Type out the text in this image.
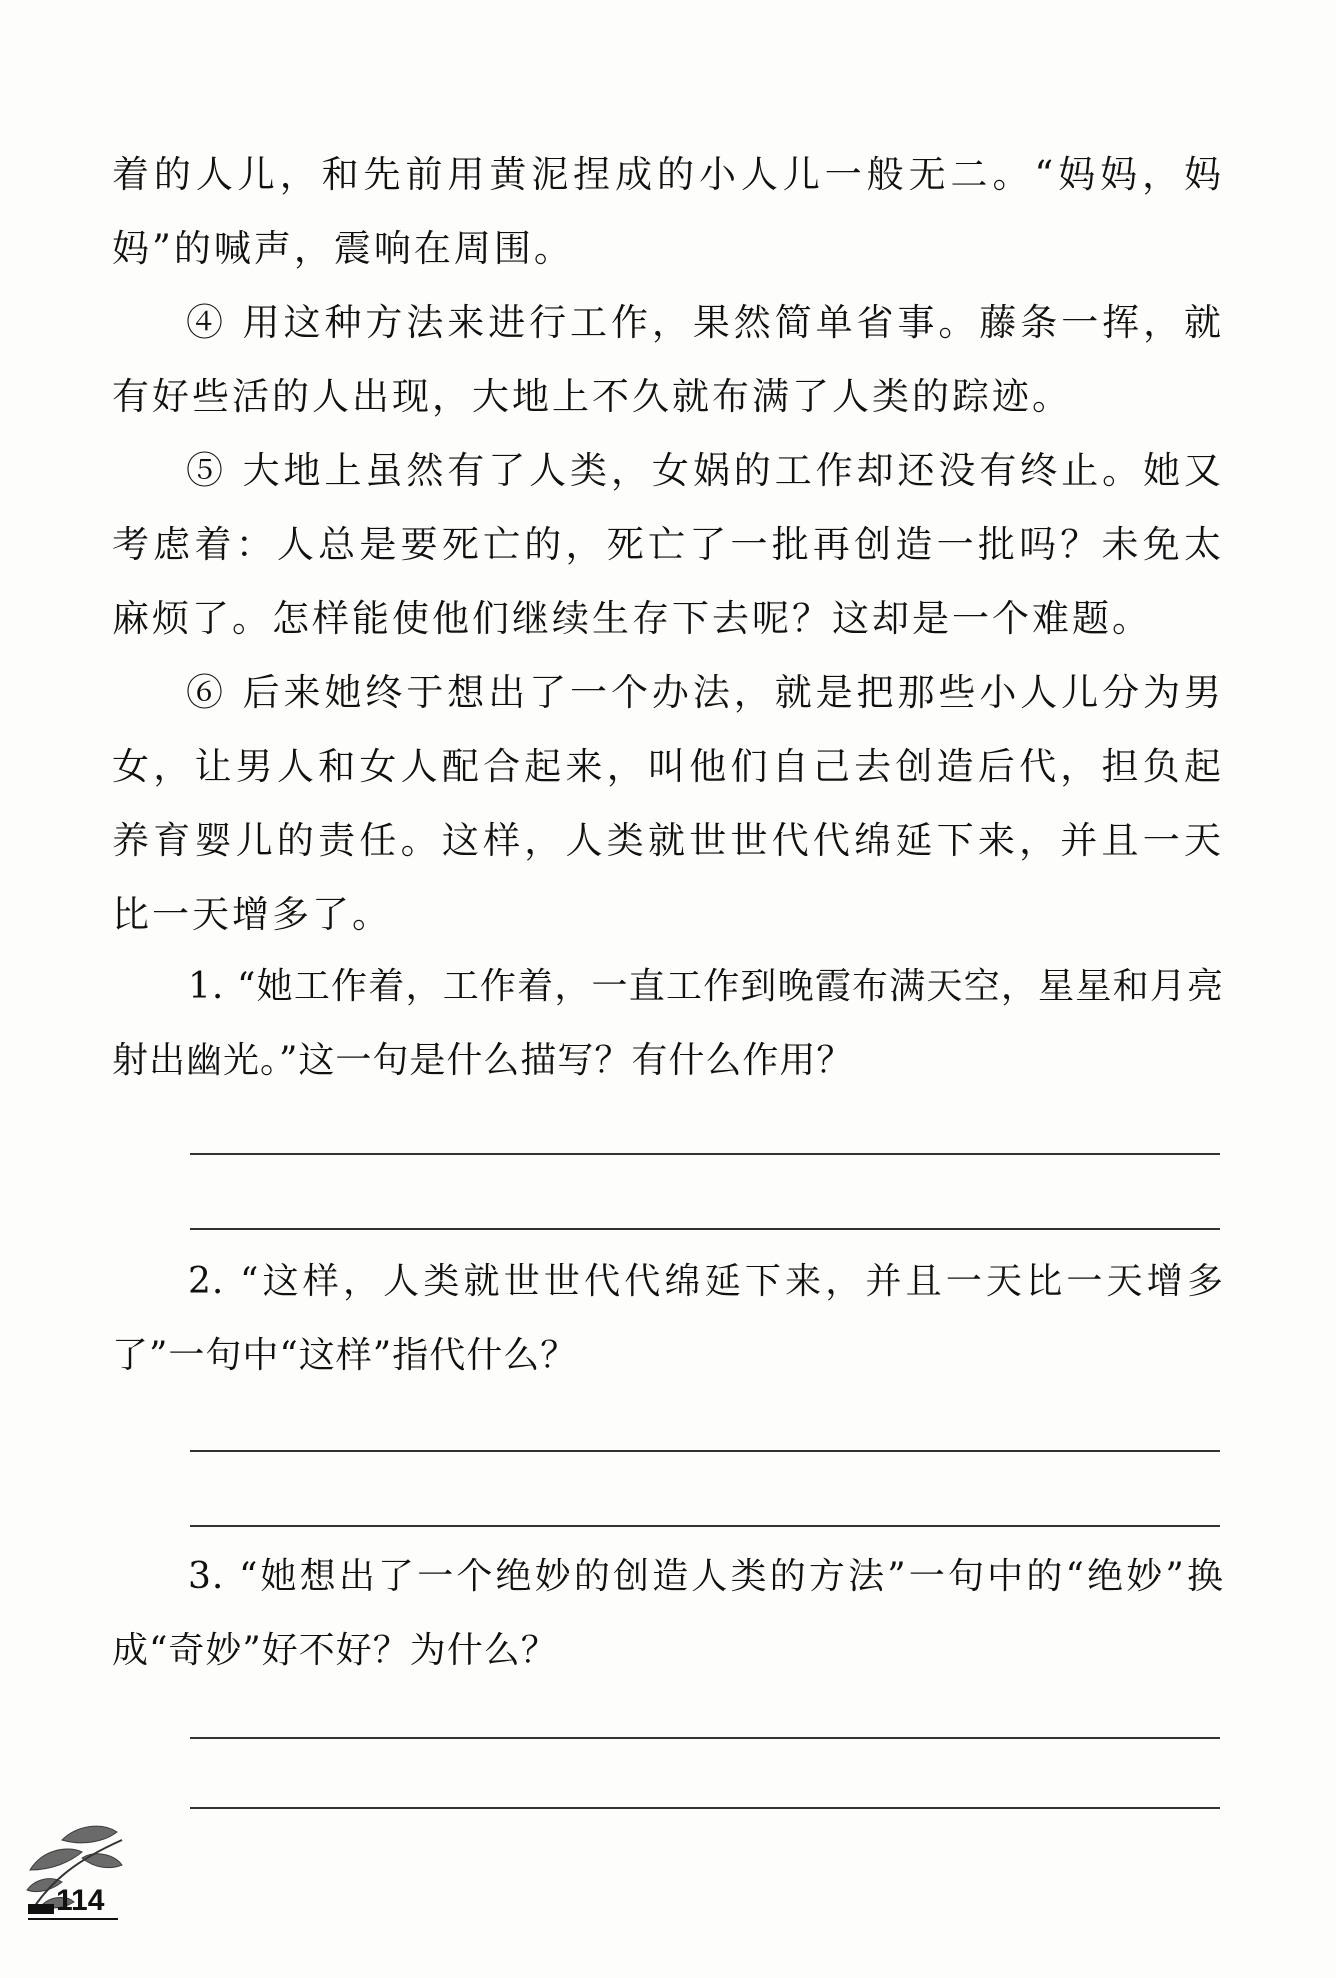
着的人儿，和先前用黄泥捏成的小人儿一般无二。“妈妈，妈妈”的喊声，震响在周围。

④ 用这种方法来进行工作，果然简单省事。藤条一挥，就有好些活的人出现，大地上不久就布满了人类的踪迹。

⑤ 大地上虽然有了人类，女娲的工作却还没有终止。她又考虑着：人总是要死亡的，死亡了一批再创造一批吗？未免太麻烦了。怎样能使他们继续生存下去呢？这却是一个难题。

⑥ 后来她终于想出了一个办法，就是把那些小人儿分为男女，让男人和女人配合起来，叫他们自己去创造后代，担负起养育婴儿的责任。这样，人类就世世代代绵延下来，并且一天比一天增多了。

1. “她工作着，工作着，一直工作到晚霞布满天空，星星和月亮射出幽光。”这一句是什么描写？有什么作用？

2. “这样，人类就世世代代绵延下来，并且一天比一天增多了”一句中“这样”指代什么？

3. “她想出了一个绝妙的创造人类的方法”一句中的“绝妙”换成“奇妙”好不好？为什么？

114
